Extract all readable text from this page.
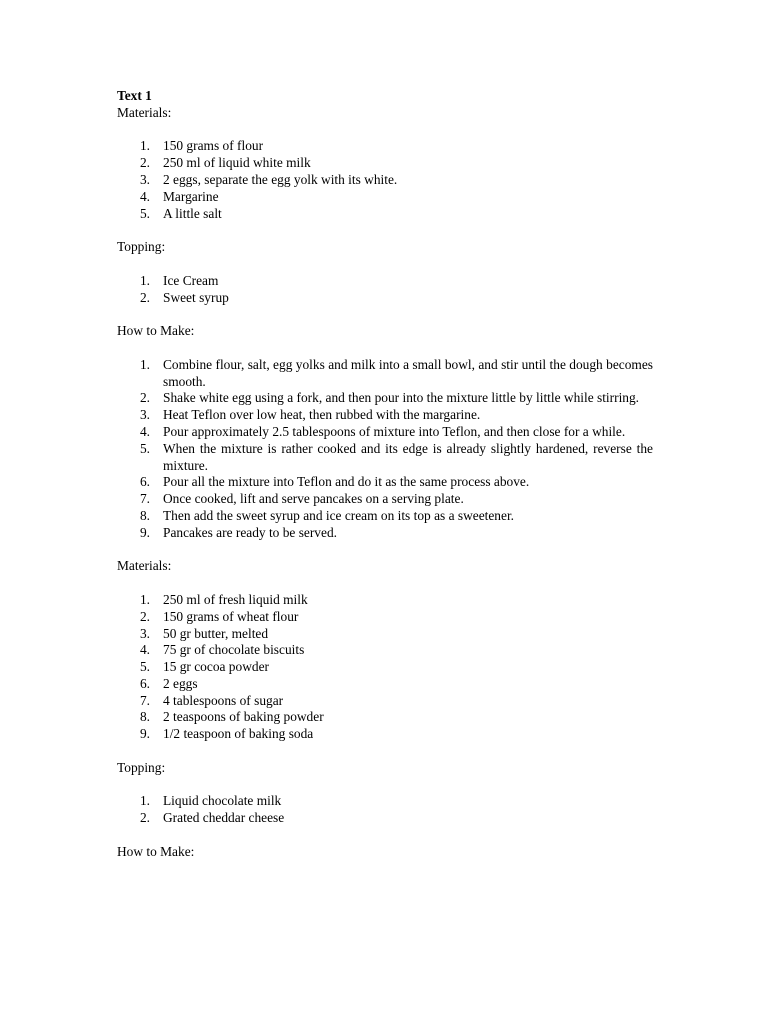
Text 1

Materials:

1. 150 grams of flour
2. 250 ml of liquid white milk
3. 2 eggs, separate the egg yolk with its white.
4. Margarine
5. A little salt

Topping:

1. Ice Cream
2. Sweet syrup

How to Make:

1. Combine flour, salt, egg yolks and milk into a small bowl, and stir until the dough becomes smooth.
2. Shake white egg using a fork, and then pour into the mixture little by little while stirring.
3. Heat Teflon over low heat, then rubbed with the margarine.
4. Pour approximately 2.5 tablespoons of mixture into Teflon, and then close for a while.
5. When the mixture is rather cooked and its edge is already slightly hardened, reverse the mixture.
6. Pour all the mixture into Teflon and do it as the same process above.
7. Once cooked, lift and serve pancakes on a serving plate.
8. Then add the sweet syrup and ice cream on its top as a sweetener.
9. Pancakes are ready to be served.

Materials:

1. 250 ml of fresh liquid milk
2. 150 grams of wheat flour
3. 50 gr butter, melted
4. 75 gr of chocolate biscuits
5. 15 gr cocoa powder
6. 2 eggs
7. 4 tablespoons of sugar
8. 2 teaspoons of baking powder
9. 1/2 teaspoon of baking soda

Topping:

1. Liquid chocolate milk
2. Grated cheddar cheese

How to Make:
